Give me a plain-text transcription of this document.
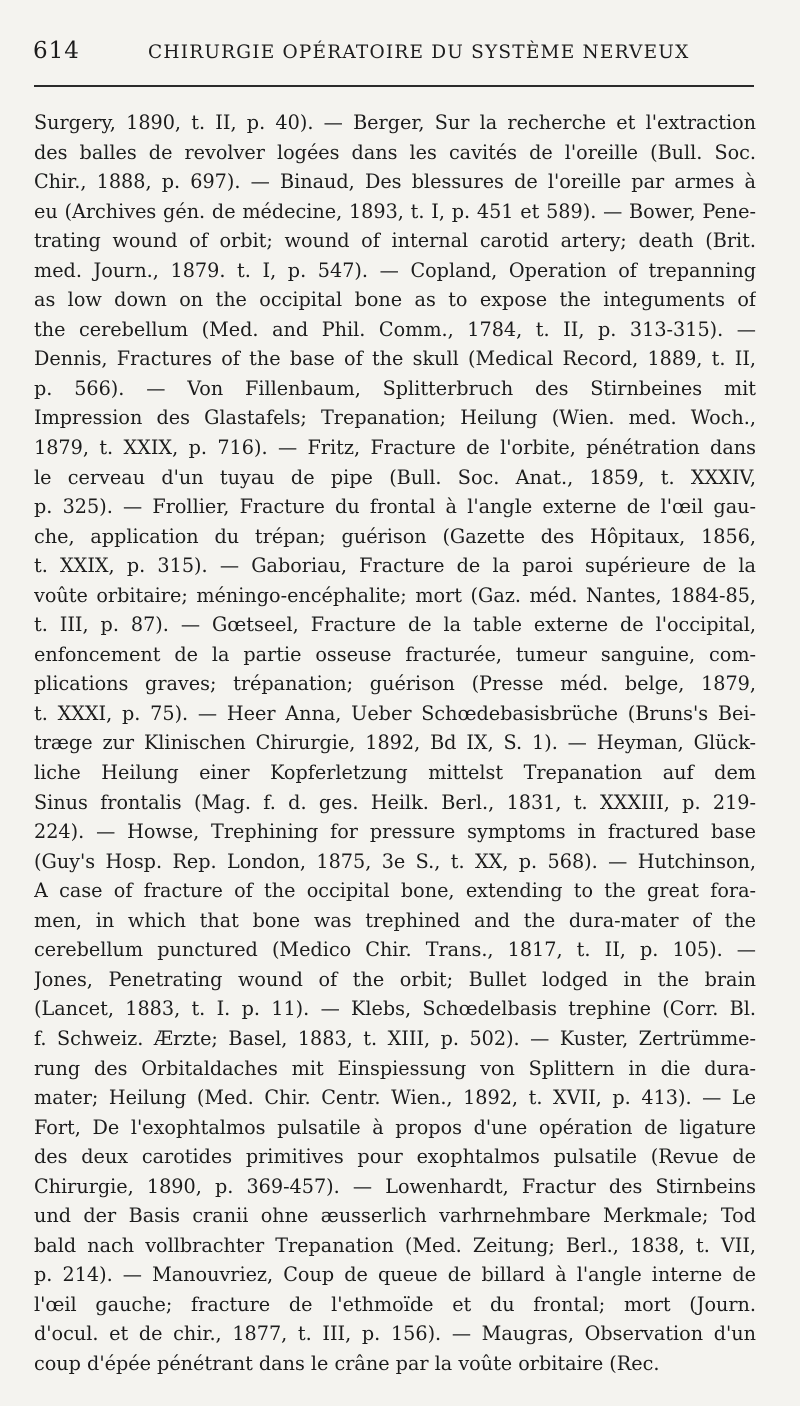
614	CHIRURGIE OPÉRATOIRE DU SYSTÈME NERVEUX
Surgery, 1890, t. II, p. 40). — Berger, Sur la recherche et l'extraction
des balles de revolver logées dans les cavités de l'oreille (Bull. Soc.
Chir., 1888, p. 697). — Binaud, Des blessures de l'oreille par armes à
eu (Archives gén. de médecine, 1893, t. I, p. 451 et 589). — Bower, Pene-
trating wound of orbit; wound of internal carotid artery; death (Brit.
med. Journ., 1879. t. I, p. 547). — Copland, Operation of trepanning
as low down on the occipital bone as to expose the integuments of
the cerebellum (Med. and Phil. Comm., 1784, t. II, p. 313-315). —
Dennis, Fractures of the base of the skull (Medical Record, 1889, t. II,
p. 566). — Von Fillenbaum, Splitterbruch des Stirnbeines mit
Impression des Glastafels; Trepanation; Heilung (Wien. med. Woch.,
1879, t. XXIX, p. 716). — Fritz, Fracture de l'orbite, pénétration dans
le cerveau d'un tuyau de pipe (Bull. Soc. Anat., 1859, t. XXXIV,
p. 325). — Frollier, Fracture du frontal à l'angle externe de l'œil gau-
che, application du trépan; guérison (Gazette des Hôpitaux, 1856,
t. XXIX, p. 315). — Gaboriau, Fracture de la paroi supérieure de la
voûte orbitaire; méningo-encéphalite; mort (Gaz. méd. Nantes, 1884-85,
t. III, p. 87). — Gœtseel, Fracture de la table externe de l'occipital,
enfoncement de la partie osseuse fracturée, tumeur sanguine, com-
plications graves; trépanation; guérison (Presse méd. belge, 1879,
t. XXXI, p. 75). — Heer Anna, Ueber Schœdebasisbrüche (Bruns's Bei-
træge zur Klinischen Chirurgie, 1892, Bd IX, S. 1). — Heyman, Glück-
liche Heilung einer Kopferletzung mittelst Trepanation auf dem
Sinus frontalis (Mag. f. d. ges. Heilk. Berl., 1831, t. XXXIII, p. 219-
224). — Howse, Trephining for pressure symptoms in fractured base
(Guy's Hosp. Rep. London, 1875, 3e S., t. XX, p. 568). — Hutchinson,
A case of fracture of the occipital bone, extending to the great fora-
men, in which that bone was trephined and the dura-mater of the
cerebellum punctured (Medico Chir. Trans., 1817, t. II, p. 105). —
Jones, Penetrating wound of the orbit; Bullet lodged in the brain
(Lancet, 1883, t. I. p. 11). — Klebs, Schœdelbasis trephine (Corr. Bl.
f. Schweiz. Ærzte; Basel, 1883, t. XIII, p. 502). — Kuster, Zertrümme-
rung des Orbitaldaches mit Einspiessung von Splittern in die dura-
mater; Heilung (Med. Chir. Centr. Wien., 1892, t. XVII, p. 413). — Le
Fort, De l'exophtalmos pulsatile à propos d'une opération de ligature
des deux carotides primitives pour exophtalmos pulsatile (Revue de
Chirurgie, 1890, p. 369-457). — Lowenhardt, Fractur des Stirnbeins
und der Basis cranii ohne æusserlich varhrnehmbare Merkmale; Tod
bald nach vollbrachter Trepanation (Med. Zeitung; Berl., 1838, t. VII,
p. 214). — Manouvriez, Coup de queue de billard à l'angle interne de
l'œil gauche; fracture de l'ethmoïde et du frontal; mort (Journ.
d'ocul. et de chir., 1877, t. III, p. 156). — Maugras, Observation d'un
coup d'épée pénétrant dans le crâne par la voûte orbitaire (Rec.
